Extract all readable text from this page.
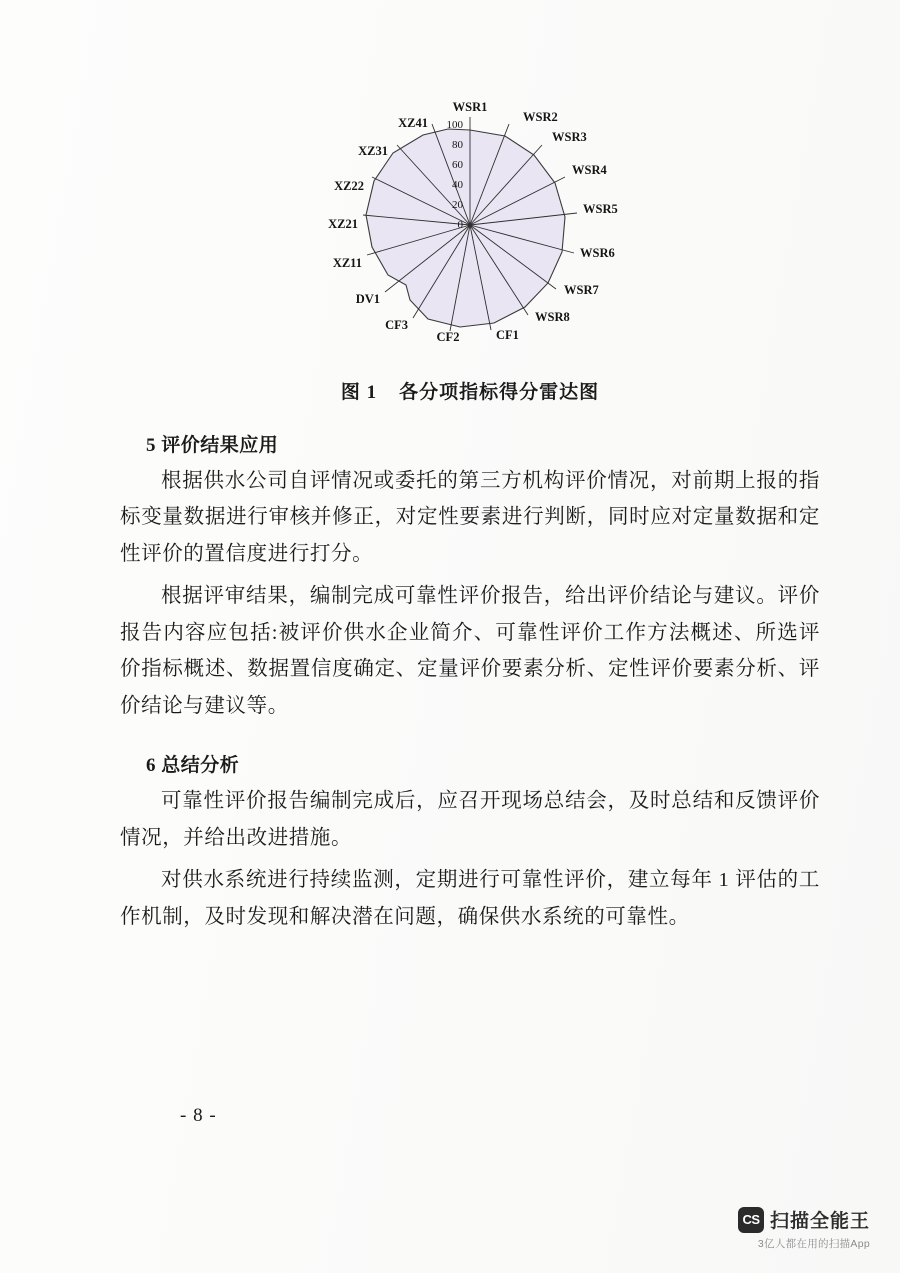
0
20
40
60
80
100
WSR1
WSR2
WSR3
WSR4
WSR5
WSR6
WSR7
WSR8
CF1
CF2
CF3
DV1
XZ11
XZ21
XZ22
XZ31
XZ41
图 1 各分项指标得分雷达图
5 评价结果应用

根据供水公司自评情况或委托的第三方机构评价情况，对前期上报的指标变量数据进行审核并修正，对定性要素进行判断，同时应对定量数据和定性评价的置信度进行打分。

根据评审结果，编制完成可靠性评价报告，给出评价结论与建议。评价报告内容应包括:被评价供水企业简介、可靠性评价工作方法概述、所选评价指标概述、数据置信度确定、定量评价要素分析、定性评价要素分析、评价结论与建议等。

6 总结分析

可靠性评价报告编制完成后，应召开现场总结会，及时总结和反馈评价情况，并给出改进措施。

对供水系统进行持续监测，定期进行可靠性评价，建立每年 1 评估的工作机制，及时发现和解决潜在问题，确保供水系统的可靠性。

- 8 -
CS 扫描全能王
3亿人都在用的扫描App
